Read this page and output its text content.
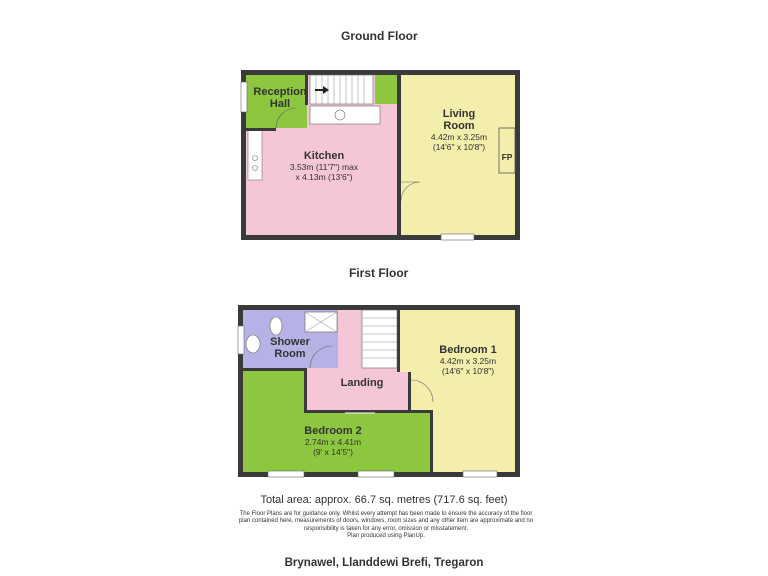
Ground Floor
First Floor
Reception
Hall
Living
Room
4.42m x 3.25m
(14'6" x 10'8")
FP
Kitchen
3.53m (11'7") max
x 4.13m (13'6")
Shower
Room
Landing
Bedroom 1
4.42m x 3.25m
(14'6" x 10'8")
Bedroom 2
2.74m x 4.41m
(9' x 14'5")
Total area: approx. 66.7 sq. metres (717.6 sq. feet)
The Floor Plans are for guidance only. Whilst every attempt has been made to ensure the accuracy of the floor plan contained here, measurements of doors, windows, room sizes and any other item are approximate and no responsibility is taken for any error, omission or misstatement.
Plan produced using PlanUp.
Brynawel, Llanddewi Brefi, Tregaron
